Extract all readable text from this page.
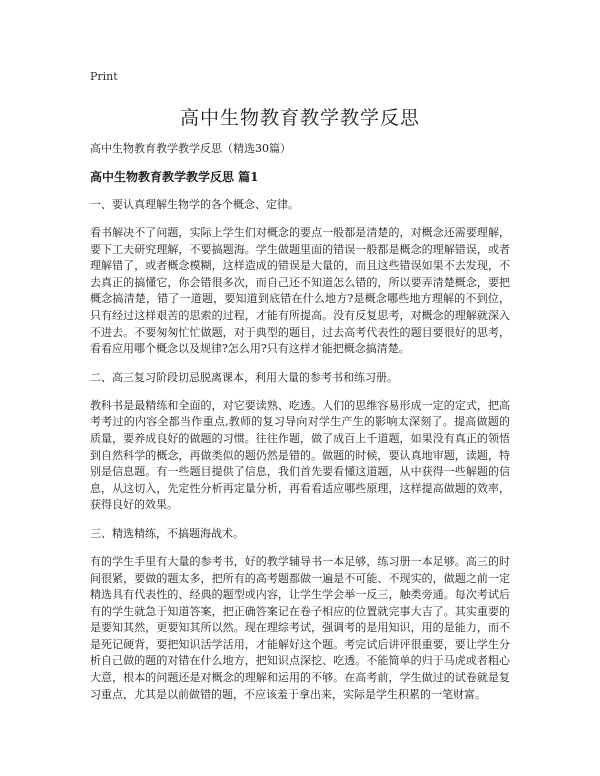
Print
高中生物教育教学教学反思
高中生物教育教学教学反思（精选30篇）
高中生物教育教学教学反思 篇1
一、要认真理解生物学的各个概念、定律。

看书解决不了问题，实际上学生们对概念的要点一般都是清楚的，对概念还需要理解，要下工夫研究理解，不要搞题海。学生做题里面的错误一般都是概念的理解错误，或者理解错了，或者概念模糊，这样造成的错误是大量的，而且这些错误如果不去发现，不去真正的搞懂它，你会错很多次，而自己还不知道怎么错的，所以要弄清楚概念，要把概念搞清楚，错了一道题，要知道到底错在什么地方?是概念哪些地方理解的不到位，只有经过这样艰苦的思索的过程，才能有所提高。没有反复思考，对概念的理解就深入不进去。不要匆匆忙忙做题，对于典型的题目，过去高考代表性的题目要很好的思考，看看应用哪个概念以及规律?怎么用?只有这样才能把概念搞清楚。

二、高三复习阶段切忌脱离课本，利用大量的参考书和练习册。

教科书是最精练和全面的，对它要读熟、吃透。人们的思维容易形成一定的定式，把高考考过的内容全都当作重点,教师的复习导向对学生产生的影响太深刻了。提高做题的质量，要养成良好的做题的习惯。往往作题，做了成百上千道题，如果没有真正的领悟到自然科学的概念，再做类似的题仍然是错的。做题的时候，要认真地审题，读题，特别是信息题。有一些题目提供了信息，我们首先要看懂这道题，从中获得一些解题的信息，从这切入，先定性分析再定量分析，再看看适应哪些原理，这样提高做题的效率，获得良好的效果。

三、精选精练，不搞题海战术。

有的学生手里有大量的参考书，好的教学辅导书一本足够，练习册一本足够。高三的时间很紧，要做的题太多，把所有的高考题都做一遍是不可能、不现实的，做题之前一定精选具有代表性的、经典的题型或内容，让学生学会举一反三，触类旁通。每次考试后有的学生就急于知道答案，把正确答案记在卷子相应的位置就完事大吉了。其实重要的是要知其然，更要知其所以然。现在理综考试，强调考的是用知识，用的是能力，而不是死记硬背，要把知识活学活用，才能解好这个题。考完试后讲评很重要，要让学生分析自己做的题的对错在什么地方，把知识点深挖、吃透。不能简单的归于马虎或者粗心大意，根本的问题还是对概念的理解和运用的不够。在高考前，学生做过的试卷就是复习重点，尤其是以前做错的题，不应该羞于拿出来，实际是学生积累的一笔财富。
